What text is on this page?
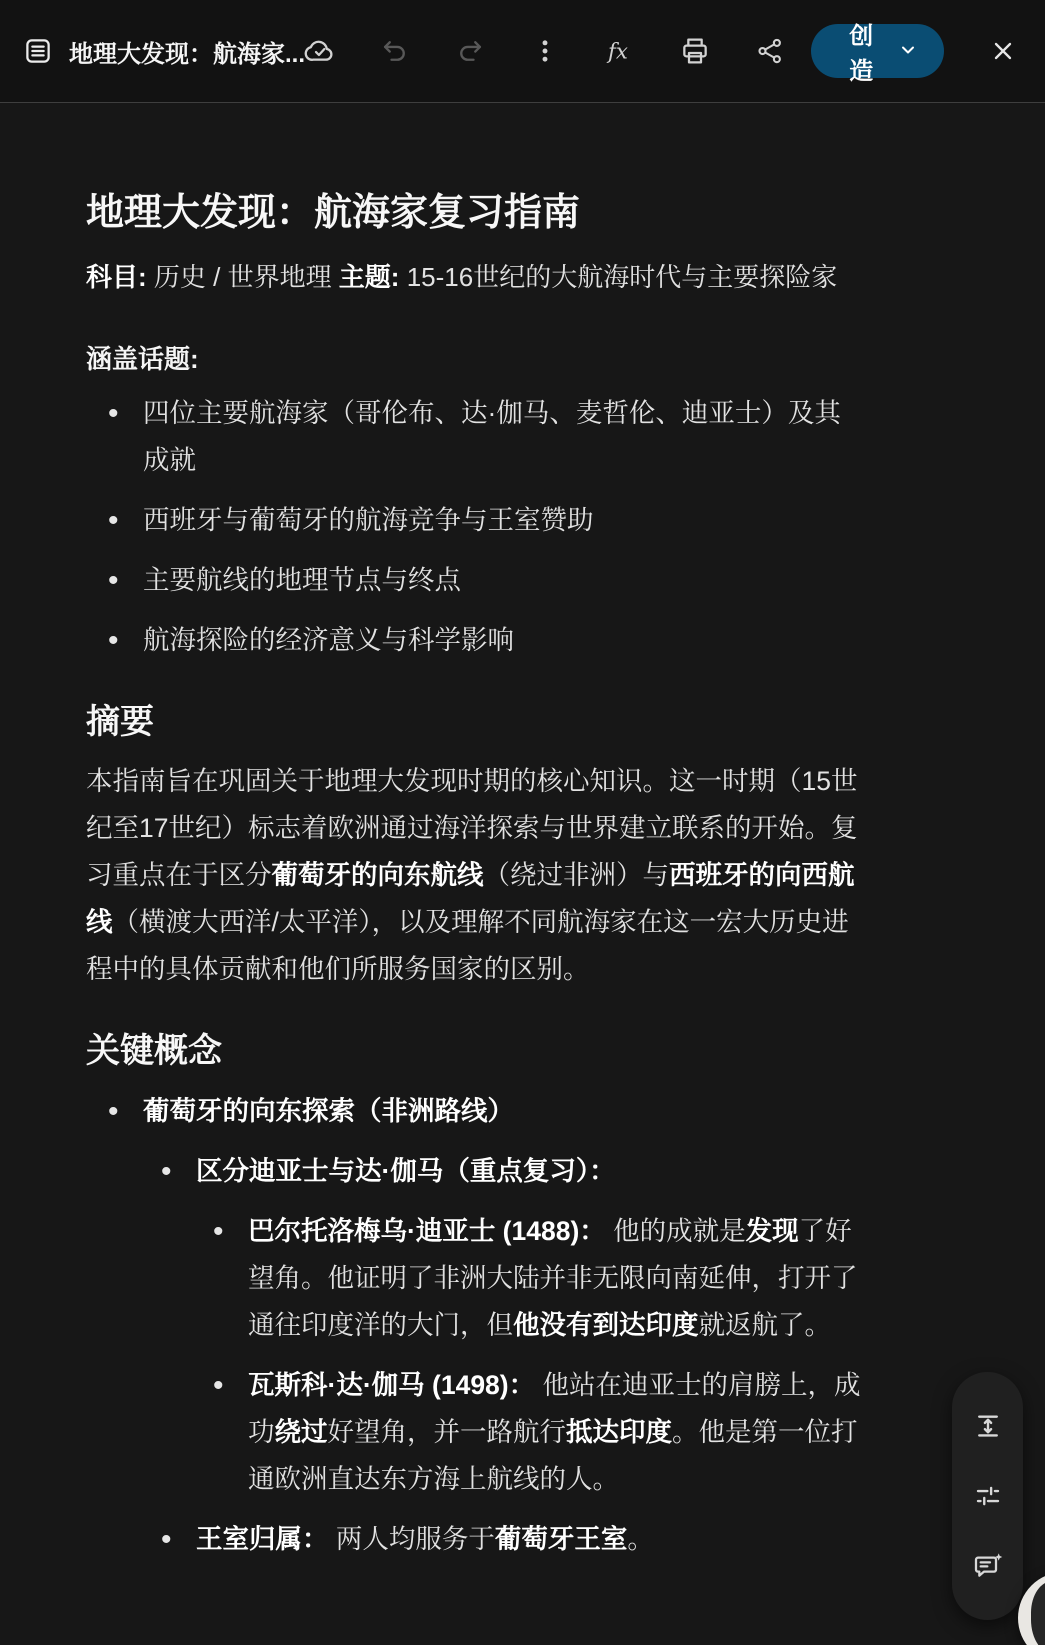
地理大发现：航海家...	fx
创造
地理大发现：航海家复习指南

科目: 历史 / 世界地理 主题: 15-16世纪的大航海时代与主要探险家

涵盖话题:

• 四位主要航海家（哥伦布、达·伽马、麦哲伦、迪亚士）及其成就
• 西班牙与葡萄牙的航海竞争与王室赞助
• 主要航线的地理节点与终点
• 航海探险的经济意义与科学影响
摘要

本指南旨在巩固关于地理大发现时期的核心知识。这一时期（15世纪至17世纪）标志着欧洲通过海洋探索与世界建立联系的开始。复习重点在于区分葡萄牙的向东航线（绕过非洲）与西班牙的向西航线（横渡大西洋/太平洋），以及理解不同航海家在这一宏大历史进程中的具体贡献和他们所服务国家的区别。

关键概念
• 葡萄牙的向东探索（非洲路线）
• 区分迪亚士与达·伽马（重点复习）：
• 巴尔托洛梅乌·迪亚士 (1488)： 他的成就是发现了好望角。他证明了非洲大陆并非无限向南延伸，打开了通往印度洋的大门，但他没有到达印度就返航了。
• 瓦斯科·达·伽马 (1498)： 他站在迪亚士的肩膀上，成功绕过好望角，并一路航行抵达印度。他是第一位打通欧洲直达东方海上航线的人。
• 王室归属： 两人均服务于葡萄牙王室。
